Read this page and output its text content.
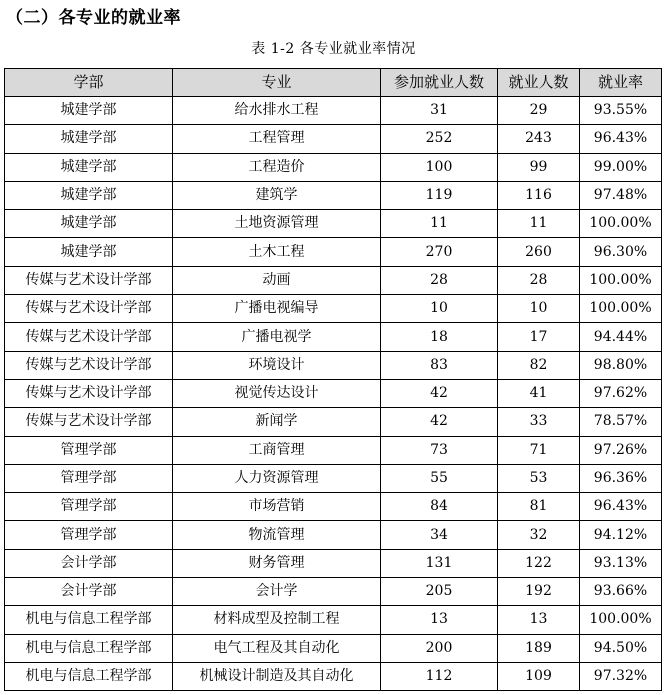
（二）各专业的就业率
表 1-2 各专业就业率情况
学部	专业	参加就业人数	就业人数	就业率
城建学部	给水排水工程	31	29	93.55%
城建学部	工程管理	252	243	96.43%
城建学部	工程造价	100	99	99.00%
城建学部	建筑学	119	116	97.48%
城建学部	土地资源管理	11	11	100.00%
城建学部	土木工程	270	260	96.30%
传媒与艺术设计学部	动画	28	28	100.00%
传媒与艺术设计学部	广播电视编导	10	10	100.00%
传媒与艺术设计学部	广播电视学	18	17	94.44%
传媒与艺术设计学部	环境设计	83	82	98.80%
传媒与艺术设计学部	视觉传达设计	42	41	97.62%
传媒与艺术设计学部	新闻学	42	33	78.57%
管理学部	工商管理	73	71	97.26%
管理学部	人力资源管理	55	53	96.36%
管理学部	市场营销	84	81	96.43%
管理学部	物流管理	34	32	94.12%
会计学部	财务管理	131	122	93.13%
会计学部	会计学	205	192	93.66%
机电与信息工程学部	材料成型及控制工程	13	13	100.00%
机电与信息工程学部	电气工程及其自动化	200	189	94.50%
机电与信息工程学部	机械设计制造及其自动化	112	109	97.32%
